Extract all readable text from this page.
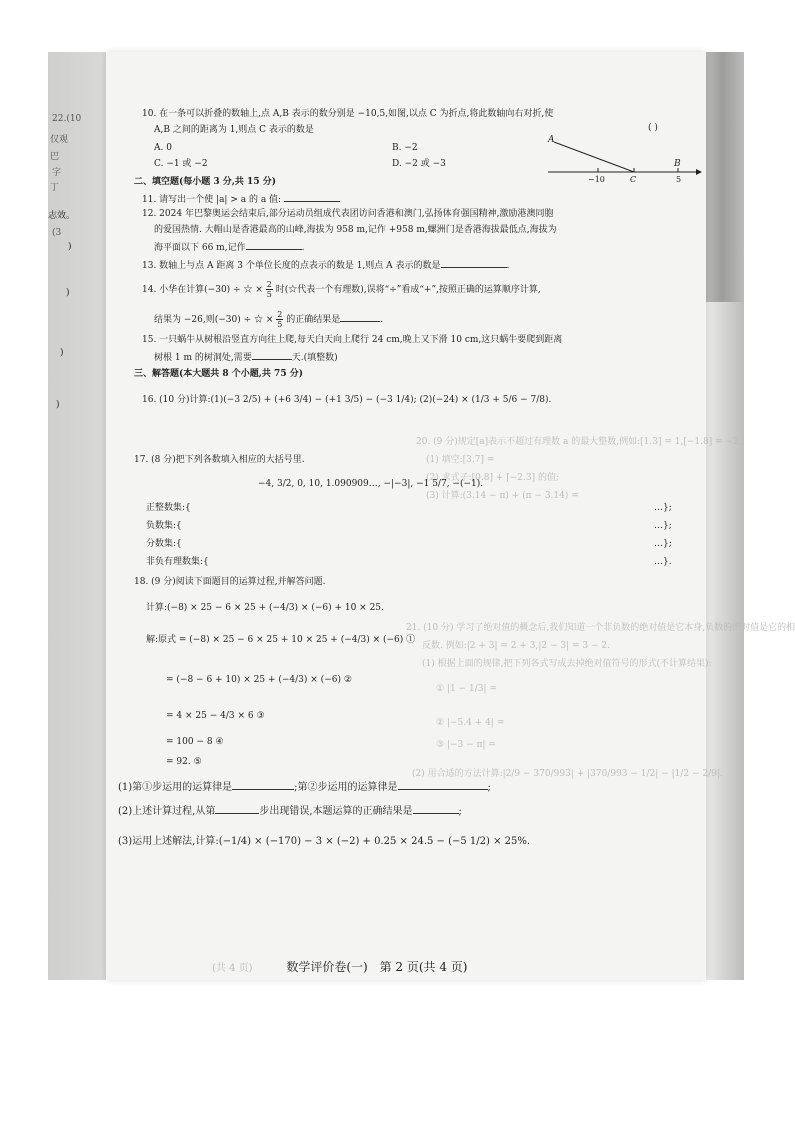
22.(10
仅观
巴
字
丁
志效。
(3
)
)
)
)
20. (9 分)规定[a]表示不超过有理数 a 的最大整数,例如:[1.3] = 1,[−1.8] = −2.
(1) 填空:[3.7] =
(2) 求式子:[0.8] + [−2.3] 的值;
(3) 计算:(3.14 − π) + (π − 3.14) =
21. (10 分) 学习了绝对值的概念后,我们知道一个非负数的绝对值是它本身,负数的绝对值是它的相
反数. 例如:|2 + 3| = 2 + 3,|2 − 3| = 3 − 2.
(1) 根据上面的规律,把下列各式写成去掉绝对值符号的形式(不计算结果):
① |1 − 1/3| =
② |−5.4 + 4| =
③ |−3 − π| =
(2) 用合适的方法计算:|2/9 − 370/993| + |370/993 − 1/2| − |1/2 − 2/9|.
10. 在一条可以折叠的数轴上,点 A,B 表示的数分别是 −10,5,如图,以点 C 为折点,将此数轴向右对折,使
A,B 之间的距离为 1,则点 C 表示的数是	( )
A. 0	B. −2
C. −1 或 −2	D. −2 或 −3
A
B
−10	C	5
二、填空题(每小题 3 分,共 15 分)
11. 请写出一个使 |a| > a 的 a 值:
12. 2024 年巴黎奥运会结束后,部分运动员组成代表团访问香港和澳门,弘扬体育强国精神,激励港澳同胞
的爱国热情. 大帽山是香港最高的山峰,海拔为 958 m,记作 +958 m,螺洲门是香港海拔最低点,海拔为
海平面以下 66 m,记作	.
13. 数轴上与点 A 距离 3 个单位长度的点表示的数是 1,则点 A 表示的数是	.
14. 小华在计算(−30) ÷ ☆ × $\frac{2}{5}$ 时(☆代表一个有理数),误将“÷”看成“+”,按照正确的运算顺序计算,
结果为 −26,则(−30) ÷ ☆ × $\frac{2}{5}$ 的正确结果是	.
15. 一只蜗牛从树根沿竖直方向往上爬,每天白天向上爬行 24 cm,晚上又下滑 10 cm,这只蜗牛要爬到距离
树根 1 m 的树洞处,需要	天.(填整数)
三、解答题(本大题共 8 个小题,共 75 分)
16. (10 分)计算:(1)(−3 2/5) + (+6 3/4) − (+1 3/5) − (−3 1/4); (2)(−24) × (1/3 + 5/6 − 7/8).
17. (8 分)把下列各数填入相应的大括号里.
−4, 3/2, 0, 10, 1.090909…, −|−3|, −1 5/7, −(−1).
正整数集:{	…};
负数集:{	…};
分数集:{	…};
非负有理数集:{	…}.
18. (9 分)阅读下面题目的运算过程,并解答问题.
计算:(−8) × 25 − 6 × 25 + (−4/3) × (−6) + 10 × 25.
解:原式 = (−8) × 25 − 6 × 25 + 10 × 25 + (−4/3) × (−6) ①
= (−8 − 6 + 10) × 25 + (−4/3) × (−6) ②
= 4 × 25 − 4/3 × 6 ③
= 100 − 8 ④
= 92. ⑤
(1)第①步运用的运算律是	;第②步运用的运算律是	;
(2)上述计算过程,从第	步出现错误,本题运算的正确结果是	;
(3)运用上述解法,计算:(−1/4) × (−170) − 3 × (−2) + 0.25 × 24.5 − (−5 1/2) × 25%.
(共 4 页)	数学评价卷(一) 第 2 页(共 4 页)
